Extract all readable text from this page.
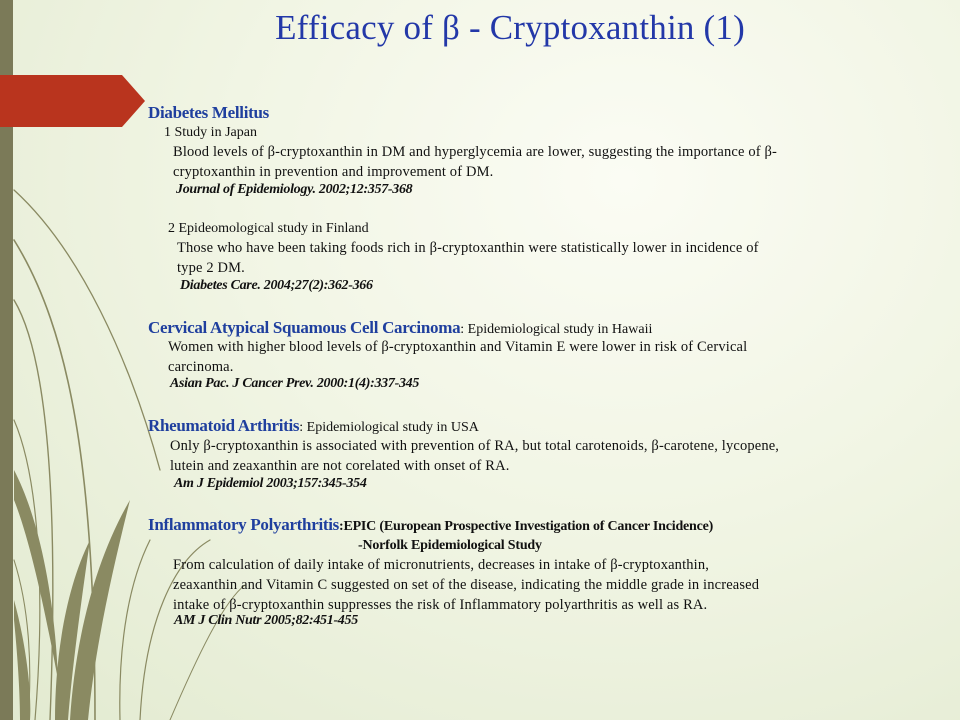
Efficacy of β - Cryptoxanthin (1)
Diabetes Mellitus
1 Study in Japan
Blood levels of β-cryptoxanthin in DM and hyperglycemia are lower, suggesting the importance of β-
cryptoxanthin in prevention and improvement of DM.
Journal of Epidemiology. 2002;12:357-368
2 Epideomological study in Finland
Those who have been taking foods rich in β-cryptoxanthin were statistically lower in incidence of
type 2 DM.
Diabetes Care. 2004;27(2):362-366
Cervical Atypical Squamous Cell Carcinoma: Epidemiological study in Hawaii
Women with higher blood levels of β-cryptoxanthin and Vitamin E were lower in risk of Cervical
carcinoma.
Asian Pac. J Cancer Prev. 2000:1(4):337-345
Rheumatoid Arthritis: Epidemiological study in USA
Only β-cryptoxanthin is associated with prevention of RA, but total carotenoids, β-carotene, lycopene,
lutein and zeaxanthin are not corelated with onset of RA.
Am J Epidemiol 2003;157:345-354
Inflammatory Polyarthritis:EPIC (European Prospective Investigation of Cancer Incidence)
-Norfolk Epidemiological Study
From calculation of daily intake of micronutrients, decreases in intake of β-cryptoxanthin,
zeaxanthin and Vitamin C suggested on set of the disease, indicating the middle grade in increased
intake of β-cryptoxanthin suppresses the risk of Inflammatory polyarthritis as well as RA.
AM J Clin Nutr 2005;82:451-455
